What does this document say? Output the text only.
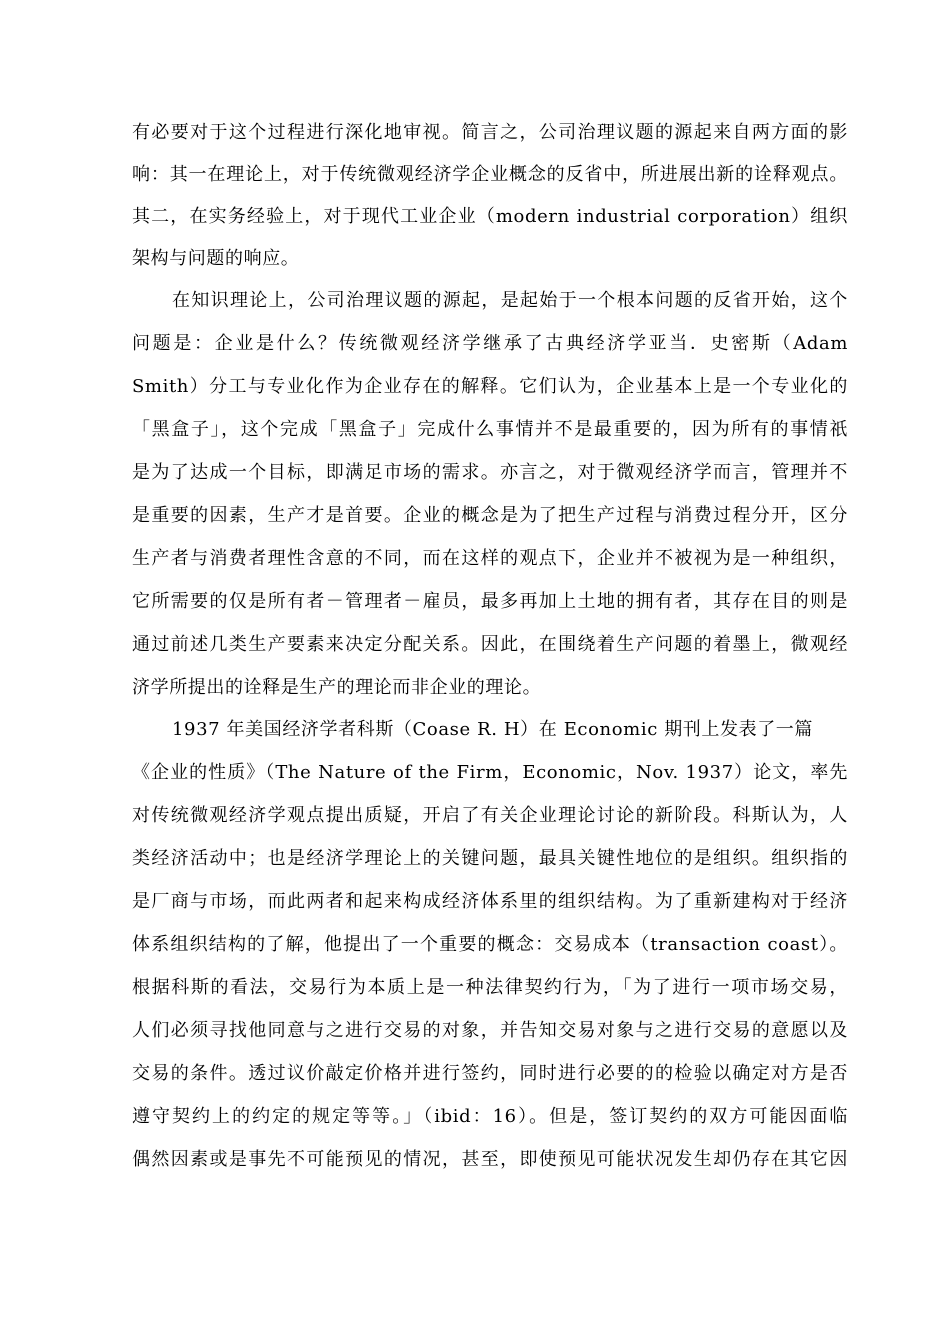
有必要对于这个过程进行深化地审视。简言之，公司治理议题的源起来自两方面的影

响：其一在理论上，对于传统微观经济学企业概念的反省中，所进展出新的诠释观点。

其二，在实务经验上，对于现代工业企业（modern industrial corporation）组织

架构与问题的响应。

在知识理论上，公司治理议题的源起，是起始于一个根本问题的反省开始，这个

问题是：企业是什么？传统微观经济学继承了古典经济学亚当．史密斯（Adam

Smith）分工与专业化作为企业存在的解释。它们认为，企业基本上是一个专业化的

「黑盒子」，这个完成「黑盒子」完成什么事情并不是最重要的，因为所有的事情祇

是为了达成一个目标，即满足市场的需求。亦言之，对于微观经济学而言，管理并不

是重要的因素，生产才是首要。企业的概念是为了把生产过程与消费过程分开，区分

生产者与消费者理性含意的不同，而在这样的观点下，企业并不被视为是一种组织，

它所需要的仅是所有者－管理者－雇员，最多再加上土地的拥有者，其存在目的则是

通过前述几类生产要素来决定分配关系。因此，在围绕着生产问题的着墨上，微观经

济学所提出的诠释是生产的理论而非企业的理论。

1937 年美国经济学者科斯（Coase R. H）在 Economic 期刊上发表了一篇

《企业的性质》（The Nature of the Firm，Economic，Nov. 1937）论文，率先

对传统微观经济学观点提出质疑，开启了有关企业理论讨论的新阶段。科斯认为，人

类经济活动中；也是经济学理论上的关键问题，最具关键性地位的是组织。组织指的

是厂商与市场，而此两者和起来构成经济体系里的组织结构。为了重新建构对于经济

体系组织结构的了解，他提出了一个重要的概念：交易成本（transaction coast）。

根据科斯的看法，交易行为本质上是一种法律契约行为，「为了进行一项市场交易，

人们必须寻找他同意与之进行交易的对象，并告知交易对象与之进行交易的意愿以及

交易的条件。透过议价敲定价格并进行签约，同时进行必要的的检验以确定对方是否

遵守契约上的约定的规定等等。」（ibid：16）。但是，签订契约的双方可能因面临

偶然因素或是事先不可能预见的情况，甚至，即使预见可能状况发生却仍存在其它因
